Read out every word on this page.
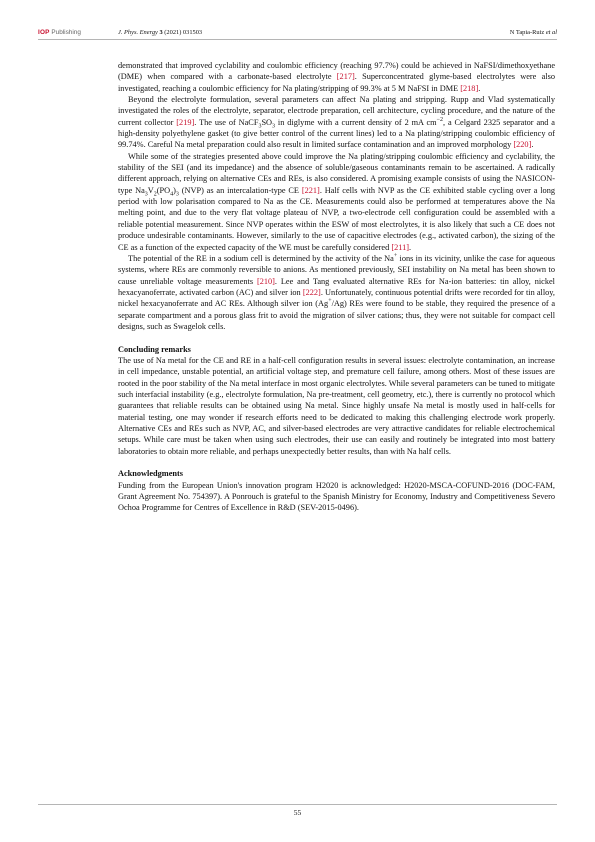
IOP Publishing	J. Phys. Energy 3 (2021) 031503	N Tapia-Ruiz et al

demonstrated that improved cyclability and coulombic efficiency (reaching 97.7%) could be achieved in NaFSI/dimethoxyethane (DME) when compared with a carbonate-based electrolyte [217]. Superconcentrated glyme-based electrolytes were also investigated, reaching a coulombic efficiency for Na plating/stripping of 99.3% at 5 M NaFSI in DME [218].

Beyond the electrolyte formulation, several parameters can affect Na plating and stripping. Rupp and Vlad systematically investigated the roles of the electrolyte, separator, electrode preparation, cell architecture, cycling procedure, and the nature of the current collector [219]. The use of $NaCF_3SO_3$ in diglyme with a current density of 2 mA $cm^{-2}$, a Celgard 2325 separator and a high-density polyethylene gasket (to give better control of the current lines) led to a Na plating/stripping coulombic efficiency of 99.74%. Careful Na metal preparation could also result in limited surface contamination and an improved morphology [220].

While some of the strategies presented above could improve the Na plating/stripping coulombic efficiency and cyclability, the stability of the SEI (and its impedance) and the absence of soluble/gaseous contaminants remain to be ascertained. A radically different approach, relying on alternative CEs and REs, is also considered. A promising example consists of using the NASICON-type $Na_3V_2(PO_4)_3$ (NVP) as an intercalation-type CE [221]. Half cells with NVP as the CE exhibited stable cycling over a long period with low polarisation compared to Na as the CE. Measurements could also be performed at temperatures above the Na melting point, and due to the very flat voltage plateau of NVP, a two-electrode cell configuration could be assembled with a reliable potential measurement. Since NVP operates within the ESW of most electrolytes, it is also likely that such a CE does not produce undesirable contaminants. However, similarly to the use of capacitive electrodes (e.g., activated carbon), the sizing of the CE as a function of the expected capacity of the WE must be carefully considered [211].

The potential of the RE in a sodium cell is determined by the activity of the Na+ ions in its vicinity, unlike the case for aqueous systems, where REs are commonly reversible to anions. As mentioned previously, SEI instability on Na metal has been shown to cause unreliable voltage measurements [210]. Lee and Tang evaluated alternative REs for Na-ion batteries: tin alloy, nickel hexacyanoferrate, activated carbon (AC) and silver ion [222]. Unfortunately, continuous potential drifts were recorded for tin alloy, nickel hexacyanoferrate and AC REs. Although silver ion (Ag+/Ag) REs were found to be stable, they required the presence of a separate compartment and a porous glass frit to avoid the migration of silver cations; thus, they were not suitable for compact cell designs, such as Swagelok cells.

Concluding remarks

The use of Na metal for the CE and RE in a half-cell configuration results in several issues: electrolyte contamination, an increase in cell impedance, unstable potential, an artificial voltage step, and premature cell failure, among others. Most of these issues are rooted in the poor stability of the Na metal interface in most organic electrolytes. While several parameters can be tuned to mitigate such interfacial instability (e.g., electrolyte formulation, Na pre-treatment, cell geometry, etc.), there is currently no protocol which guarantees that reliable results can be obtained using Na metal. Since highly unsafe Na metal is mostly used in half-cells for material testing, one may wonder if research efforts need to be dedicated to making this challenging electrode work properly. Alternative CEs and REs such as NVP, AC, and silver-based electrodes are very attractive candidates for reliable electrochemical setups. While care must be taken when using such electrodes, their use can easily and routinely be integrated into most battery laboratories to obtain more reliable, and perhaps unexpectedly better results, than with Na half cells.

Acknowledgments

Funding from the European Union's innovation program H2020 is acknowledged: H2020-MSCA-COFUND-2016 (DOC-FAM, Grant Agreement No. 754397). A Ponrouch is grateful to the Spanish Ministry for Economy, Industry and Competitiveness Severo Ochoa Programme for Centres of Excellence in R&D (SEV-2015-0496).

55
